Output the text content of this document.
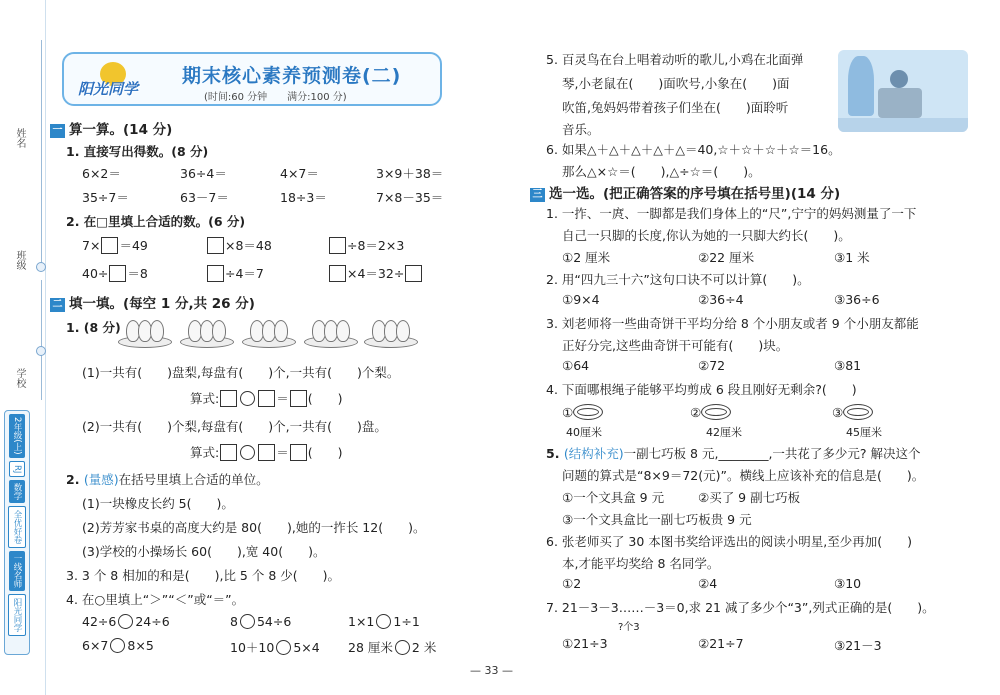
姓名
班级
学校
2年级(上)
RJ
数学
全优好卷
一线名师
阳光同学
阳光同学
期末核心素养预测卷(二)
(时间:60 分钟　　满分:100 分)
一 算一算。(14 分)
1. 直接写出得数。(8 分)
6×2＝	36÷4＝	4×7＝	3×9＋38＝
35÷7＝	63－7＝	18÷3＝	7×8－35＝
2. 在□里填上合适的数。(6 分)
7× ＝49	×8＝48	÷8＝2×3
40÷ ＝8	÷4＝7	×4＝32÷
二 填一填。(每空 1 分,共 26 分)
1. (8 分)
(1)一共有(　　)盘梨,每盘有(　　)个,一共有(　　)个梨。
算式:	＝ (　　)
(2)一共有(　　)个梨,每盘有(　　)个,一共有(　　)盘。
算式:	＝ (　　)
2. (量感)在括号里填上合适的单位。
(1)一块橡皮长约 5(　　)。
(2)芳芳家书桌的高度大约是 80(　　),她的一拃长 12(　　)。
(3)学校的小操场长 60(　　),宽 40(　　)。
3. 3 个 8 相加的和是(　　),比 5 个 8 少(　　)。
4. 在○里填上“＞”“＜”或“＝”。
42÷6 24÷6	8 54÷6	1×1 1÷1
6×7 8×5	10＋10 5×4 28 厘米 2 米
5. 百灵鸟在台上唱着动听的歌儿,小鸡在北面弹
琴,小老鼠在(　　)面吹号,小象在(　　)面
吹笛,兔妈妈带着孩子们坐在(　　)面聆听
音乐。
6. 如果△＋△＋△＋△＋△＝40,☆＋☆＋☆＋☆＝16。
那么△×☆＝(　　),△÷☆＝(　　)。
三 选一选。(把正确答案的序号填在括号里)(14 分)
1. 一拃、一庹、一脚都是我们身体上的“尺”,宁宁的妈妈测量了一下
自己一只脚的长度,你认为她的一只脚大约长(　　)。
①2 厘米	②22 厘米	③1 米
2. 用“四九三十六”这句口诀不可以计算(　　)。
①9×4	②36÷4	③36÷6
3. 刘老师将一些曲奇饼干平均分给 8 个小朋友或者 9 个小朋友都能
正好分完,这些曲奇饼干可能有(　　)块。
①64	②72	③81
4. 下面哪根绳子能够平均剪成 6 段且刚好无剩余?(　　)
①
40厘米
②
42厘米
③
45厘米
5. (结构补充)一副七巧板 8 元,________,一共花了多少元? 解决这个
问题的算式是“8×9＝72(元)”。横线上应该补充的信息是(　　)。
①一个文具盒 9 元	②买了 9 副七巧板
③一个文具盒比一副七巧板贵 9 元
6. 张老师买了 30 本图书奖给评选出的阅读小明星,至少再加(　　)
本,才能平均奖给 8 名同学。
①2	②4	③10
7. 21－3－3……－3＝0,求 21 减了多少个“3”,列式正确的是(　　)。
?个3
①21÷3	②21÷7	③21－3
— 33 —
